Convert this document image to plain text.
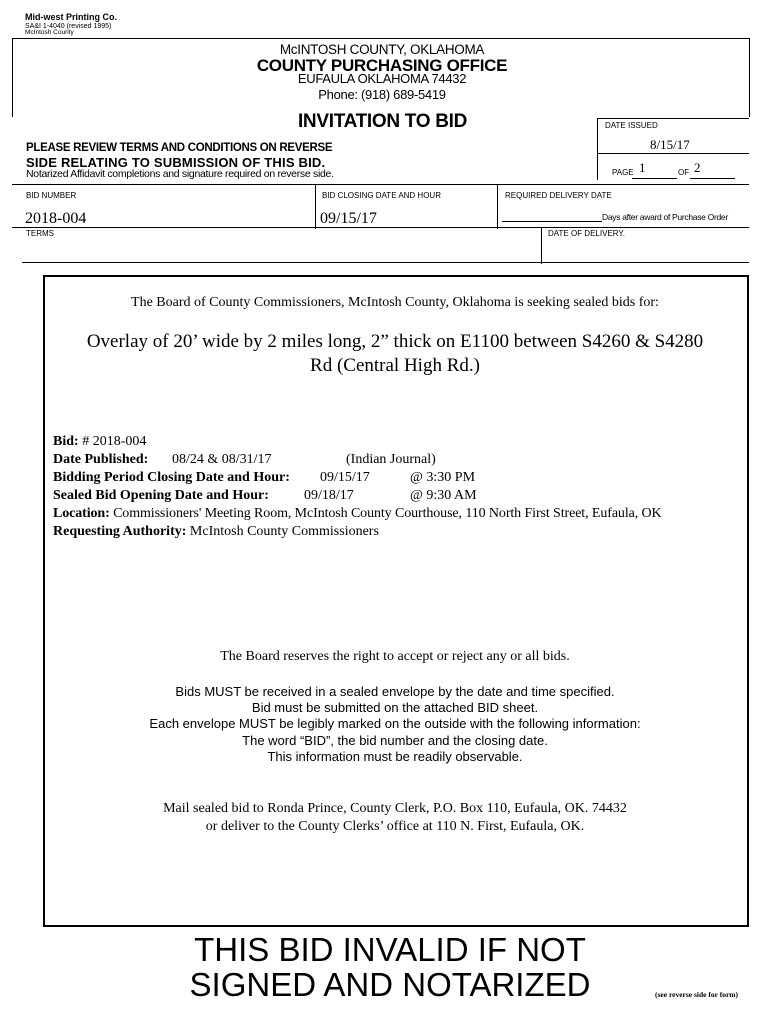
Mid-west Printing Co.
SA&I 1-4040 (revised 1995)
McIntosh County
McINTOSH COUNTY, OKLAHOMA
COUNTY PURCHASING OFFICE
EUFAULA OKLAHOMA 74432
Phone: (918) 689-5419
INVITATION TO BID	DATE ISSUED
8/15/17
PAGE 1	OF 2
PLEASE REVIEW TERMS AND CONDITIONS ON REVERSE
SIDE RELATING TO SUBMISSION OF THIS BID.
Notarized Affidavit completions and signature required on reverse side.
BID NUMBER
2018-004
BID CLOSING DATE AND HOUR
09/15/17
REQUIRED DELIVERY DATE
Days after award of Purchase Order
TERMS	DATE OF DELIVERY.
The Board of County Commissioners, McIntosh County, Oklahoma is seeking sealed bids for:
Overlay of 20’ wide by 2 miles long, 2” thick on E1100 between S4260 & S4280
Rd (Central High Rd.)
Bid: # 2018-004
Date Published: 08/24 & 08/31/17	(Indian Journal)
Bidding Period Closing Date and Hour: 09/15/17	@ 3:30 PM
Sealed Bid Opening Date and Hour:	09/18/17	@ 9:30 AM
Location: Commissioners' Meeting Room, McIntosh County Courthouse, 110 North First Street, Eufaula, OK
Requesting Authority: McIntosh County Commissioners
The Board reserves the right to accept or reject any or all bids.
Bids MUST be received in a sealed envelope by the date and time specified.
Bid must be submitted on the attached BID sheet.
Each envelope MUST be legibly marked on the outside with the following information:
The word “BID”, the bid number and the closing date.
This information must be readily observable.
Mail sealed bid to Ronda Prince, County Clerk, P.O. Box 110, Eufaula, OK. 74432
or deliver to the County Clerks’ office at 110 N. First, Eufaula, OK.
THIS BID INVALID IF NOT
SIGNED AND NOTARIZED	(see reverse side for form)
